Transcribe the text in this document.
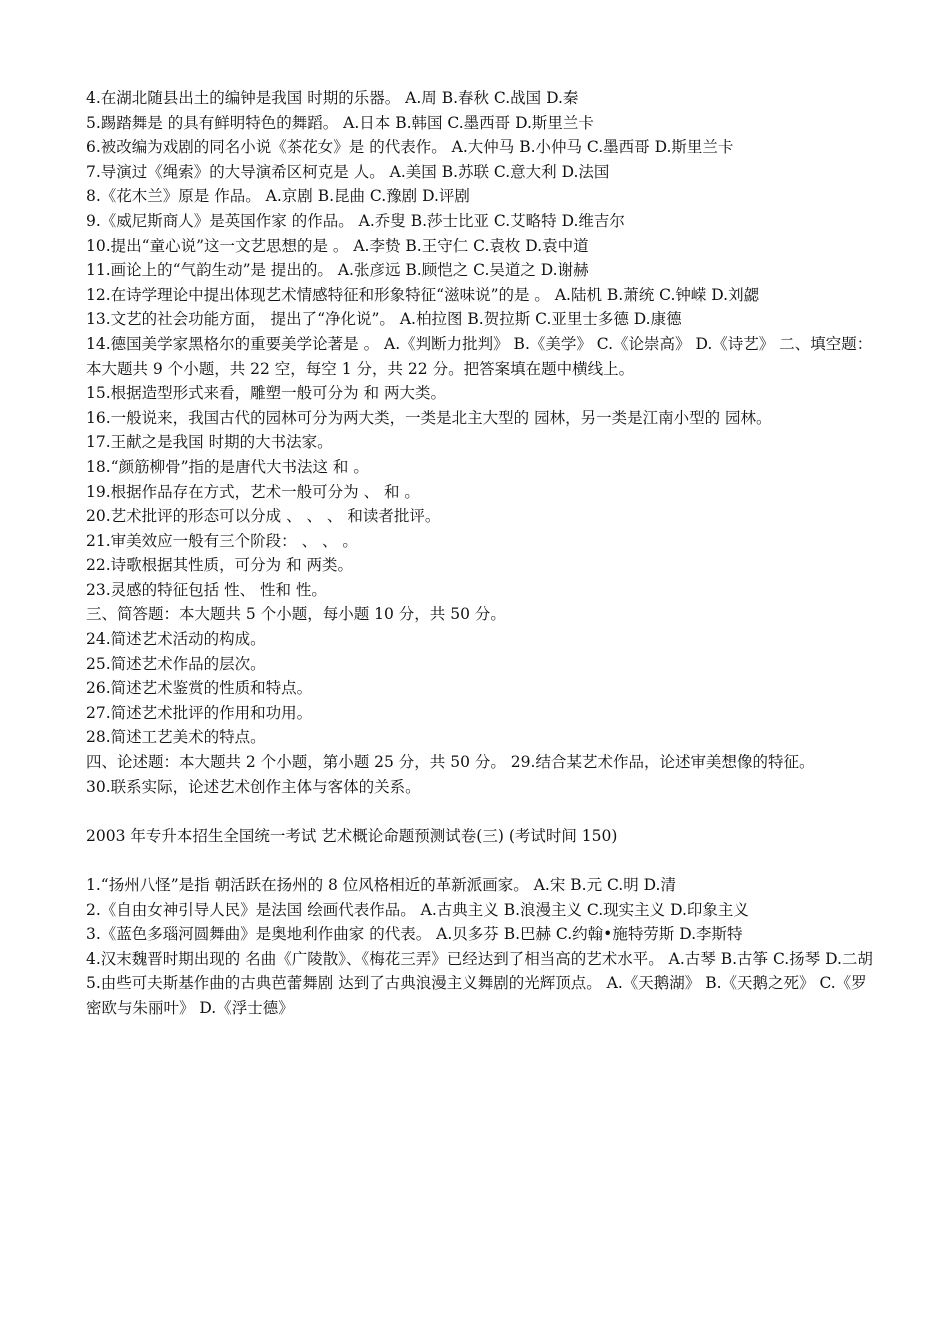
4.在湖北随县出土的编钟是我国 时期的乐器。 A.周 B.春秋 C.战国 D.秦

5.踢踏舞是 的具有鲜明特色的舞蹈。 A.日本 B.韩国 C.墨西哥 D.斯里兰卡

6.被改编为戏剧的同名小说《茶花女》是 的代表作。 A.大仲马 B.小仲马 C.墨西哥 D.斯里兰卡

7.导演过《绳索》的大导演希区柯克是 人。 A.美国 B.苏联 C.意大利 D.法国

8.《花木兰》原是 作品。 A.京剧 B.昆曲 C.豫剧 D.评剧

9.《威尼斯商人》是英国作家 的作品。 A.乔叟 B.莎士比亚 C.艾略特 D.维吉尔

10.提出“童心说”这一文艺思想的是 。 A.李贽 B.王守仁 C.袁枚 D.袁中道

11.画论上的“气韵生动”是 提出的。 A.张彦远 B.顾恺之 C.吴道之 D.谢赫

12.在诗学理论中提出体现艺术情感特征和形象特征“滋味说”的是 。 A.陆机 B.萧统 C.钟嵘 D.刘勰

13.文艺的社会功能方面， 提出了“净化说”。 A.柏拉图 B.贺拉斯 C.亚里士多德 D.康德

14.德国美学家黑格尔的重要美学论著是 。 A.《判断力批判》 B.《美学》 C.《论崇高》 D.《诗艺》 二、填空题：本大题共 9 个小题，共 22 空，每空 1 分，共 22 分。把答案填在题中横线上。

15.根据造型形式来看，雕塑一般可分为 和 两大类。

16.一般说来，我国古代的园林可分为两大类，一类是北主大型的 园林，另一类是江南小型的 园林。

17.王献之是我国 时期的大书法家。

18.“颜筋柳骨”指的是唐代大书法这 和 。

19.根据作品存在方式，艺术一般可分为 、 和 。

20.艺术批评的形态可以分成 、 、 、 和读者批评。

21.审美效应一般有三个阶段： 、 、 。

22.诗歌根据其性质，可分为 和 两类。

23.灵感的特征包括 性、 性和 性。

三、简答题：本大题共 5 个小题，每小题 10 分，共 50 分。

24.简述艺术活动的构成。

25.简述艺术作品的层次。

26.简述艺术鉴赏的性质和特点。

27.简述艺术批评的作用和功用。

28.简述工艺美术的特点。

四、论述题：本大题共 2 个小题，第小题 25 分，共 50 分。 29.结合某艺术作品，论述审美想像的特征。

30.联系实际，论述艺术创作主体与客体的关系。

2003 年专升本招生全国统一考试 艺术概论命题预测试卷(三) (考试时间 150)

1.“扬州八怪”是指 朝活跃在扬州的 8 位风格相近的革新派画家。 A.宋 B.元 C.明 D.清

2.《自由女神引导人民》是法国 绘画代表作品。 A.古典主义 B.浪漫主义 C.现实主义 D.印象主义

3.《蓝色多瑙河圆舞曲》是奥地利作曲家 的代表。 A.贝多芬 B.巴赫 C.约翰•施特劳斯 D.李斯特

4.汉末魏晋时期出现的 名曲《广陵散》、《梅花三弄》已经达到了相当高的艺术水平。 A.古琴 B.古筝 C.扬琴 D.二胡

5.由些可夫斯基作曲的古典芭蕾舞剧 达到了古典浪漫主义舞剧的光辉顶点。 A.《天鹅湖》 B.《天鹅之死》 C.《罗密欧与朱丽叶》 D.《浮士德》
